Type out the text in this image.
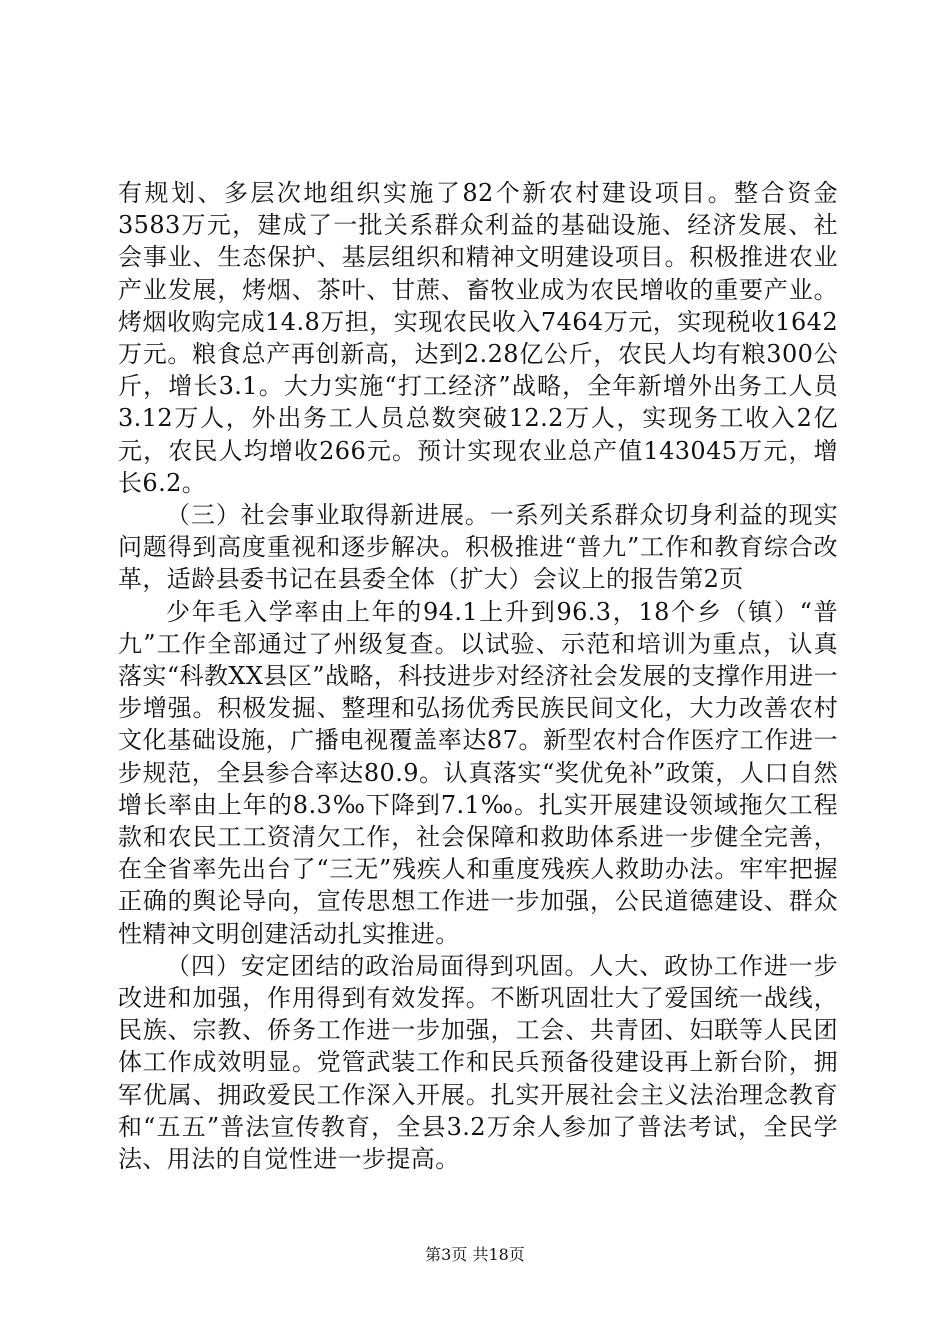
有规划、多层次地组织实施了82个新农村建设项目。整合资金3583万元，建成了一批关系群众利益的基础设施、经济发展、社会事业、生态保护、基层组织和精神文明建设项目。积极推进农业产业发展，烤烟、茶叶、甘蔗、畜牧业成为农民增收的重要产业。烤烟收购完成14.8万担，实现农民收入7464万元，实现税收1642万元。粮食总产再创新高，达到2.28亿公斤，农民人均有粮300公斤，增长3.1。大力实施“打工经济”战略，全年新增外出务工人员3.12万人，外出务工人员总数突破12.2万人，实现务工收入2亿元，农民人均增收266元。预计实现农业总产值143045万元，增长6.2。

（三）社会事业取得新进展。一系列关系群众切身利益的现实问题得到高度重视和逐步解决。积极推进“普九”工作和教育综合改革，适龄县委书记在县委全体（扩大）会议上的报告第2页

少年毛入学率由上年的94.1上升到96.3，18个乡（镇）“普九”工作全部通过了州级复查。以试验、示范和培训为重点，认真落实“科教XX县区”战略，科技进步对经济社会发展的支撑作用进一步增强。积极发掘、整理和弘扬优秀民族民间文化，大力改善农村文化基础设施，广播电视覆盖率达87。新型农村合作医疗工作进一步规范，全县参合率达80.9。认真落实“奖优免补”政策，人口自然增长率由上年的8.3‰下降到7.1‰。扎实开展建设领域拖欠工程款和农民工工资清欠工作，社会保障和救助体系进一步健全完善，在全省率先出台了“三无”残疾人和重度残疾人救助办法。牢牢把握正确的舆论导向，宣传思想工作进一步加强，公民道德建设、群众性精神文明创建活动扎实推进。

（四）安定团结的政治局面得到巩固。人大、政协工作进一步改进和加强，作用得到有效发挥。不断巩固壮大了爱国统一战线，民族、宗教、侨务工作进一步加强，工会、共青团、妇联等人民团体工作成效明显。党管武装工作和民兵预备役建设再上新台阶，拥军优属、拥政爱民工作深入开展。扎实开展社会主义法治理念教育和“五五”普法宣传教育，全县3.2万余人参加了普法考试，全民学法、用法的自觉性进一步提高。

第3页 共18页
